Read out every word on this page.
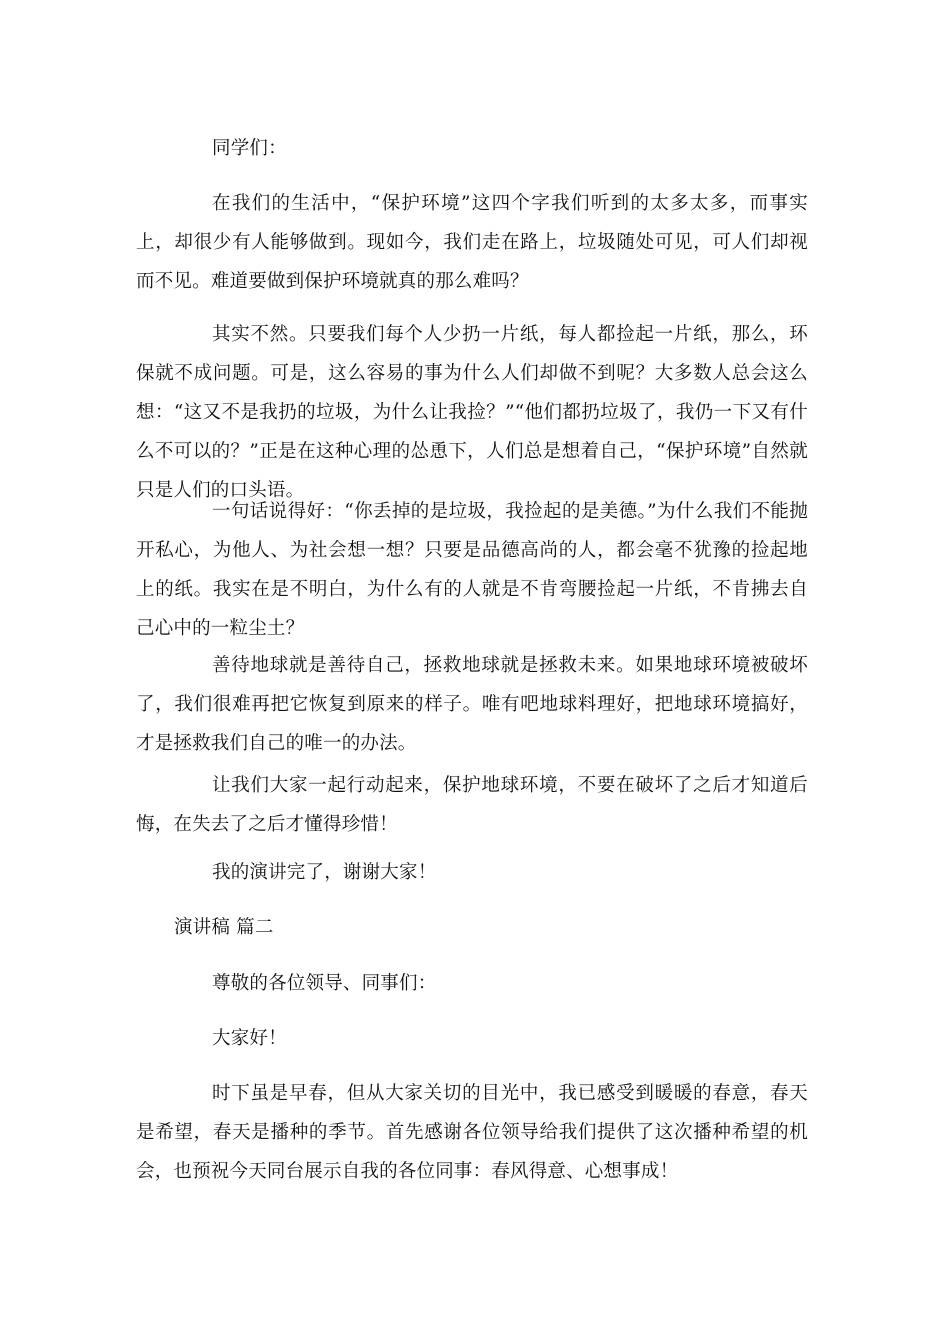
同学们：

在我们的生活中，“保护环境”这四个字我们听到的太多太多，而事实上，却很少有人能够做到。现如今，我们走在路上，垃圾随处可见，可人们却视而不见。难道要做到保护环境就真的那么难吗？

其实不然。只要我们每个人少扔一片纸，每人都捡起一片纸，那么，环保就不成问题。可是，这么容易的事为什么人们却做不到呢？大多数人总会这么想：“这又不是我扔的垃圾，为什么让我捡？”“他们都扔垃圾了，我仍一下又有什么不可以的？”正是在这种心理的怂恿下，人们总是想着自己，“保护环境”自然就只是人们的口头语。

一句话说得好：“你丢掉的是垃圾，我捡起的是美德。”为什么我们不能抛开私心，为他人、为社会想一想？只要是品德高尚的人，都会毫不犹豫的捡起地上的纸。我实在是不明白，为什么有的人就是不肯弯腰捡起一片纸，不肯拂去自己心中的一粒尘土？

善待地球就是善待自己，拯救地球就是拯救未来。如果地球环境被破坏了，我们很难再把它恢复到原来的样子。唯有吧地球料理好，把地球环境搞好，才是拯救我们自己的唯一的办法。

让我们大家一起行动起来，保护地球环境，不要在破坏了之后才知道后悔，在失去了之后才懂得珍惜！

我的演讲完了，谢谢大家！

演讲稿 篇二

尊敬的各位领导、同事们：

大家好！

时下虽是早春，但从大家关切的目光中，我已感受到暖暖的春意，春天是希望，春天是播种的季节。首先感谢各位领导给我们提供了这次播种希望的机会，也预祝今天同台展示自我的各位同事：春风得意、心想事成！
